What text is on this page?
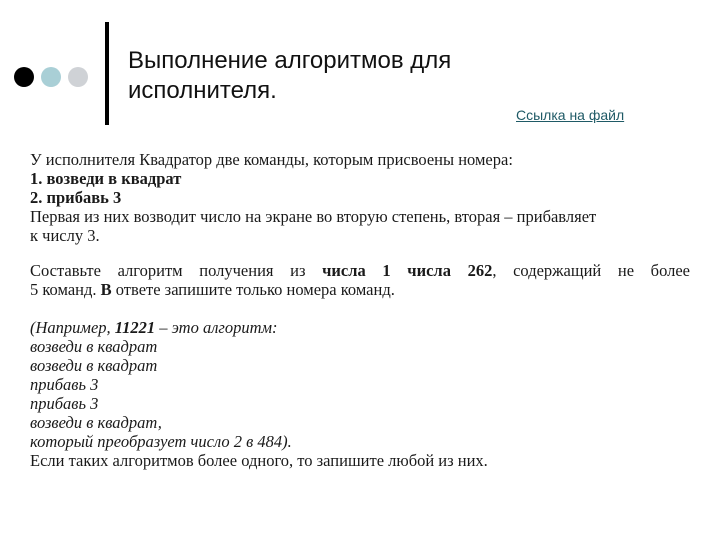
Выполнение алгоритмов для
исполнителя.
Ссылка на файл
У исполнителя Квадратор две команды, которым присвоены номера:
1. возведи в квадрат
2. прибавь 3
Первая из них возводит число на экране во вторую степень, вторая – прибавляет
к числу 3.
Составьте алгоритм получения из числа 1 числа 262, содержащий не более
5 команд. В ответе запишите только номера команд.
(Например, 11221 – это алгоритм:
возведи в квадрат
возведи в квадрат
прибавь 3
прибавь 3
возведи в квадрат,
который преобразует число 2 в 484).
Если таких алгоритмов более одного, то запишите любой из них.
